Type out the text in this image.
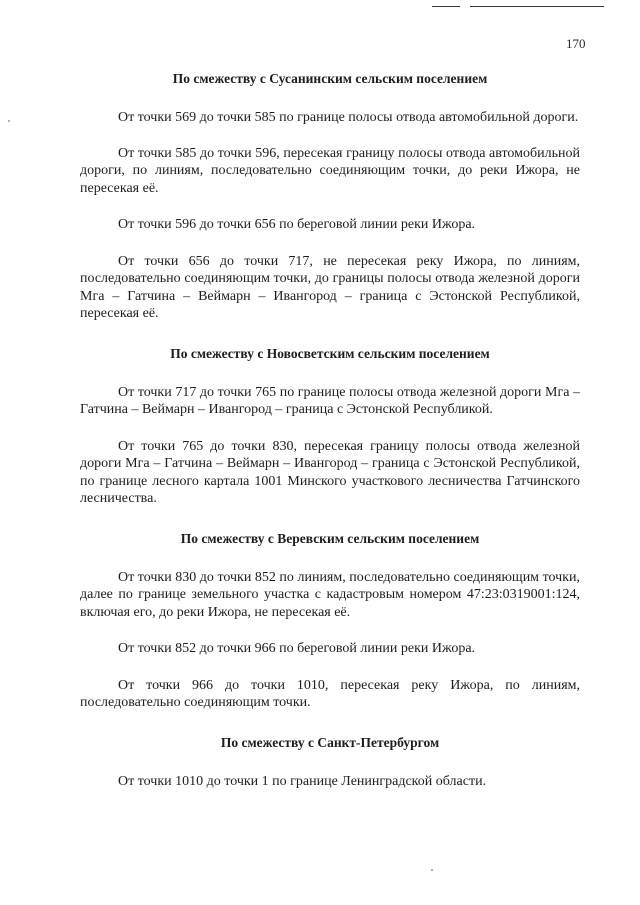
170

По смежеству с Сусанинским сельским поселением

От точки 569 до точки 585 по границе полосы отвода автомобильной дороги.

От точки 585 до точки 596, пересекая границу полосы отвода автомобильной дороги, по линиям, последовательно соединяющим точки, до реки Ижора, не пересекая её.

От точки 596 до точки 656 по береговой линии реки Ижора.

От точки 656 до точки 717, не пересекая реку Ижора, по линиям, последовательно соединяющим точки, до границы полосы отвода железной дороги Мга – Гатчина – Веймарн – Ивангород – граница с Эстонской Республикой, пересекая её.

По смежеству с Новосветским сельским поселением

От точки 717 до точки 765 по границе полосы отвода железной дороги Мга – Гатчина – Веймарн – Ивангород – граница с Эстонской Республикой.

От точки 765 до точки 830, пересекая границу полосы отвода железной дороги Мга – Гатчина – Веймарн – Ивангород – граница с Эстонской Республикой, по границе лесного картала 1001 Минского участкового лесничества Гатчинского лесничества.

По смежеству с Веревским сельским поселением

От точки 830 до точки 852 по линиям, последовательно соединяющим точки, далее по границе земельного участка с кадастровым номером 47:23:0319001:124, включая его, до реки Ижора, не пересекая её.

От точки 852 до точки 966 по береговой линии реки Ижора.

От точки 966 до точки 1010, пересекая реку Ижора, по линиям, последовательно соединяющим точки.

По смежеству с Санкт-Петербургом

От точки 1010 до точки 1 по границе Ленинградской области.
